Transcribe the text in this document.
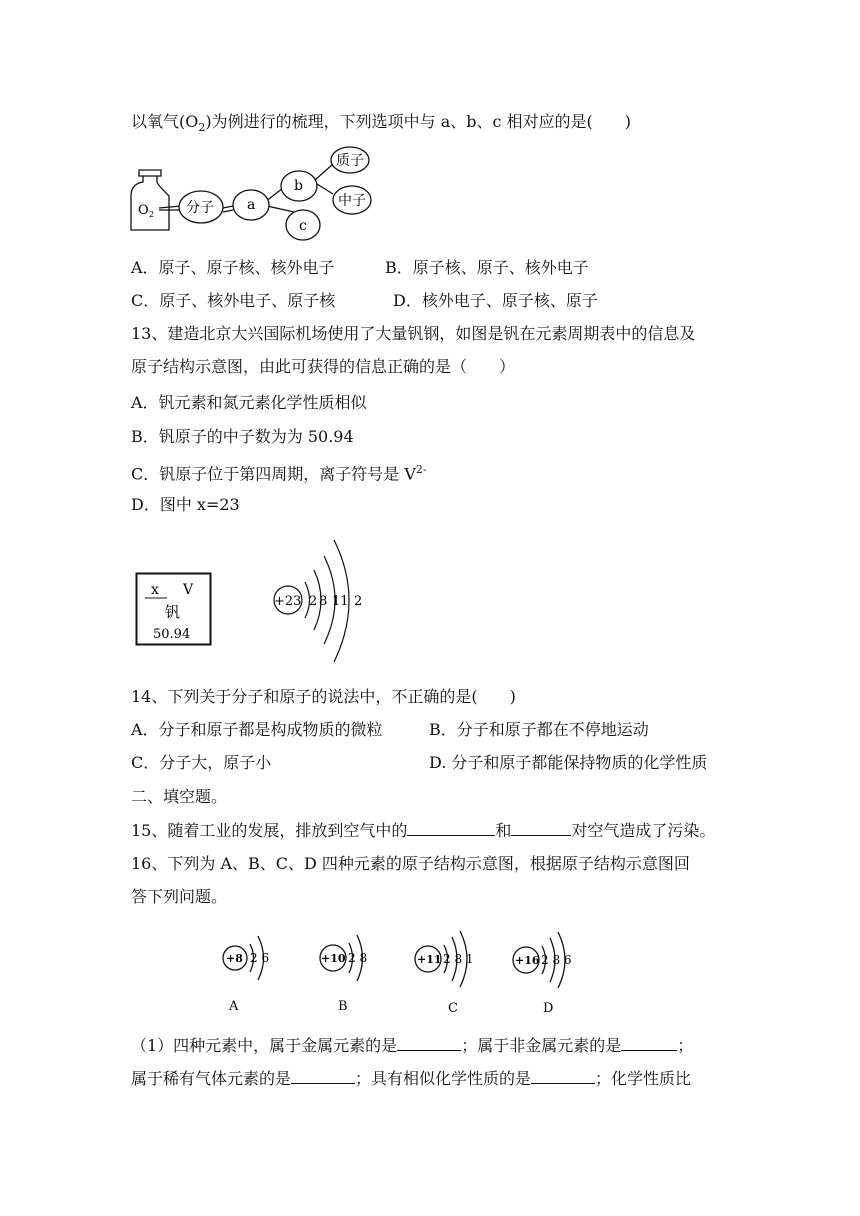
以氧气$(O_2)$为例进行的梳理，下列选项中与 a、b、c 相对应的是(　　)
O 2 分子 a
b
c
质子
中子
A．原子、原子核、核外电子	B．原子核、原子、核外电子
C．原子、核外电子、原子核	D．核外电子、原子核、原子
13、建造北京大兴国际机场使用了大量钒钢，如图是钒在元素周期表中的信息及
原子结构示意图，由此可获得的信息正确的是（　　）
A．钒元素和氮元素化学性质相似
B．钒原子的中子数为为 50.94
C．钒原子位于第四周期，离子符号是 $V^{2-}$
D．图中 x=23
x V
钒
50.94
+23 2 8 11 2
14、下列关于分子和原子的说法中，不正确的是(　　)
A．分子和原子都是构成物质的微粒	B．分子和原子都在不停地运动
C．分子大，原子小	D. 分子和原子都能保持物质的化学性质
二、填空题。
15、随着工业的发展，排放到空气中的	和	对空气造成了污染。
16、下列为 A、B、C、D 四种元素的原子结构示意图，根据原子结构示意图回
答下列问题。
+8 2 6	+10 2 8	+11 2 8 1	+16 2 8 6
A	B	C	D
（1）四种元素中，属于金属元素的是	；属于非金属元素的是	；
属于稀有气体元素的是	；具有相似化学性质的是	；化学性质比
